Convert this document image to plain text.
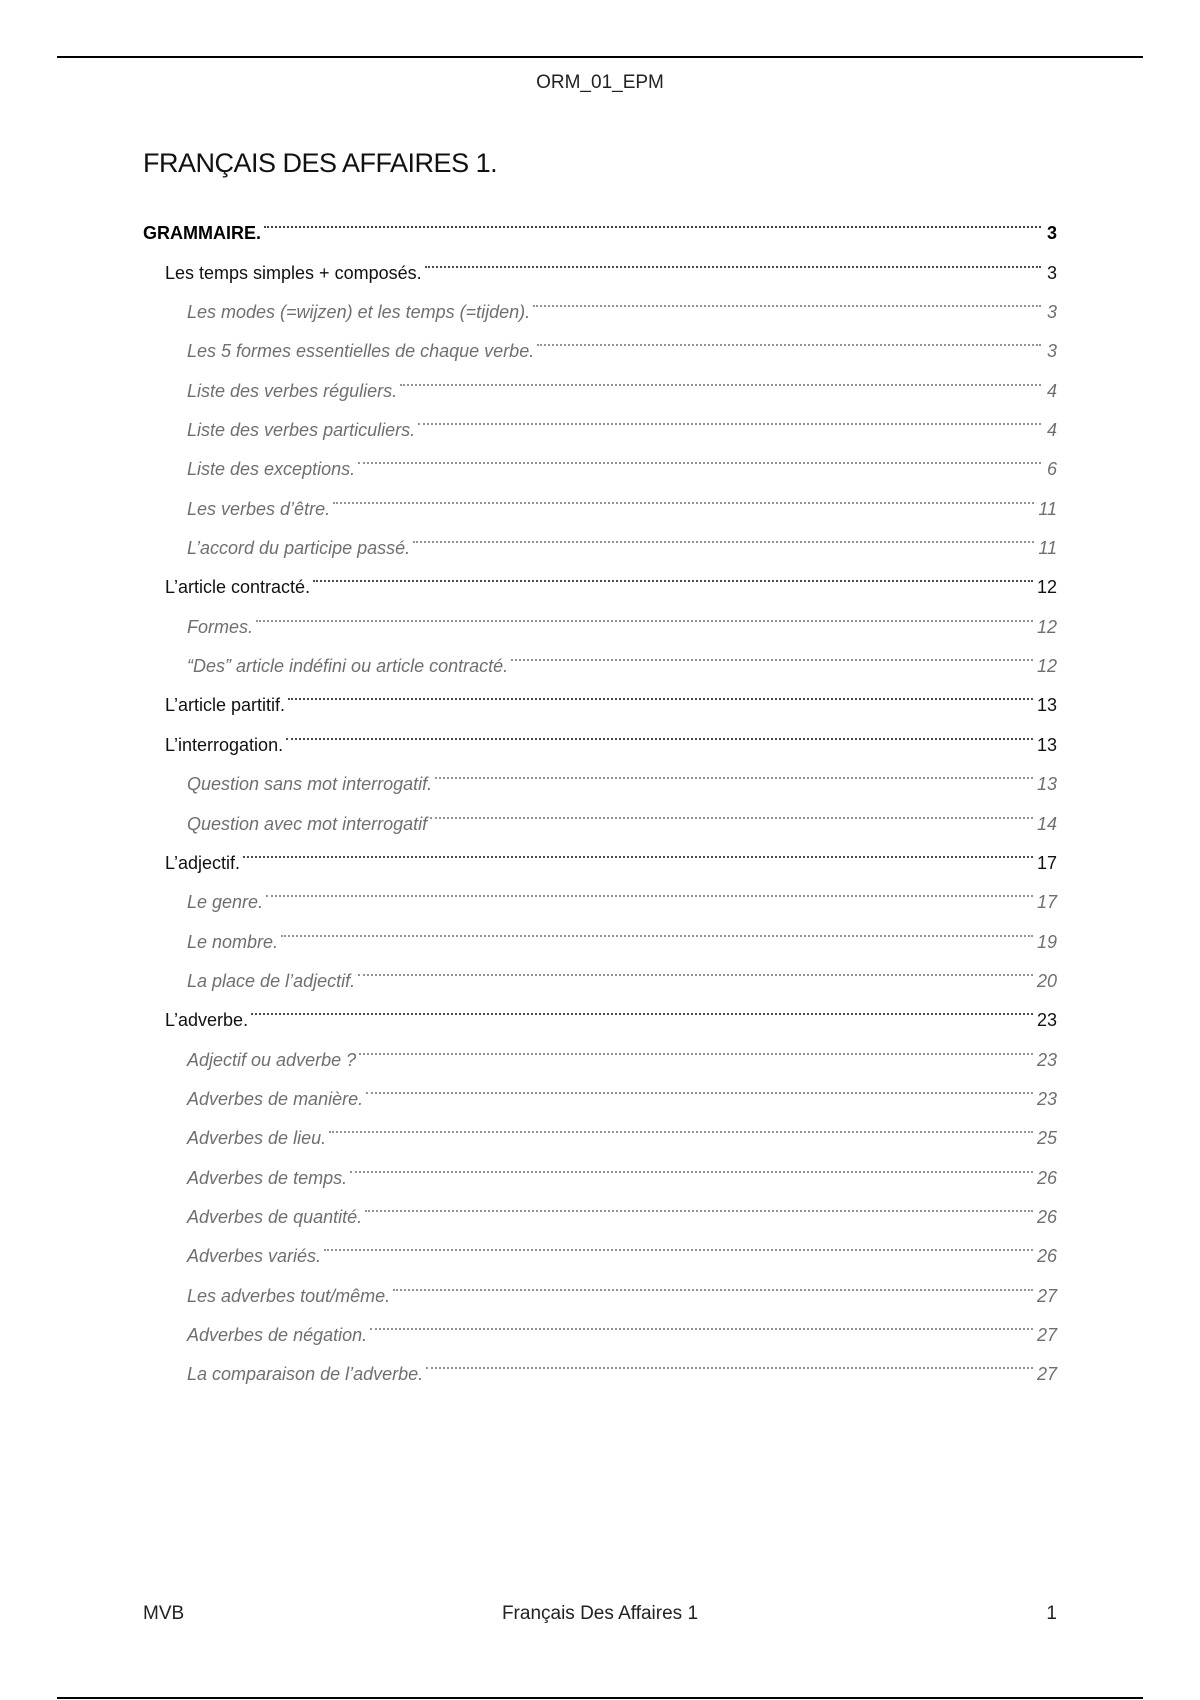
ORM_01_EPM
FRANÇAIS DES AFFAIRES 1.
GRAMMAIRE.	3
Les temps simples + composés.	3
Les modes (=wijzen) et les temps (=tijden).	3
Les 5 formes essentielles de chaque verbe.	3
Liste des verbes réguliers.	4
Liste des verbes particuliers.	4
Liste des exceptions.	6
Les verbes d’être.	11
L’accord du participe passé.	11
L’article contracté.	12
Formes.	12
“Des” article indéfini ou article contracté.	12
L’article partitif.	13
L’interrogation.	13
Question sans mot interrogatif.	13
Question avec mot interrogatif	14
L’adjectif.	17
Le genre.	17
Le nombre.	19
La place de l’adjectif.	20
L’adverbe.	23
Adjectif ou adverbe ?	23
Adverbes de manière.	23
Adverbes de lieu.	25
Adverbes de temps.	26
Adverbes de quantité.	26
Adverbes variés.	26
Les adverbes tout/même.	27
Adverbes de négation.	27
La comparaison de l’adverbe.	27
MVB	Français Des Affaires 1	1
